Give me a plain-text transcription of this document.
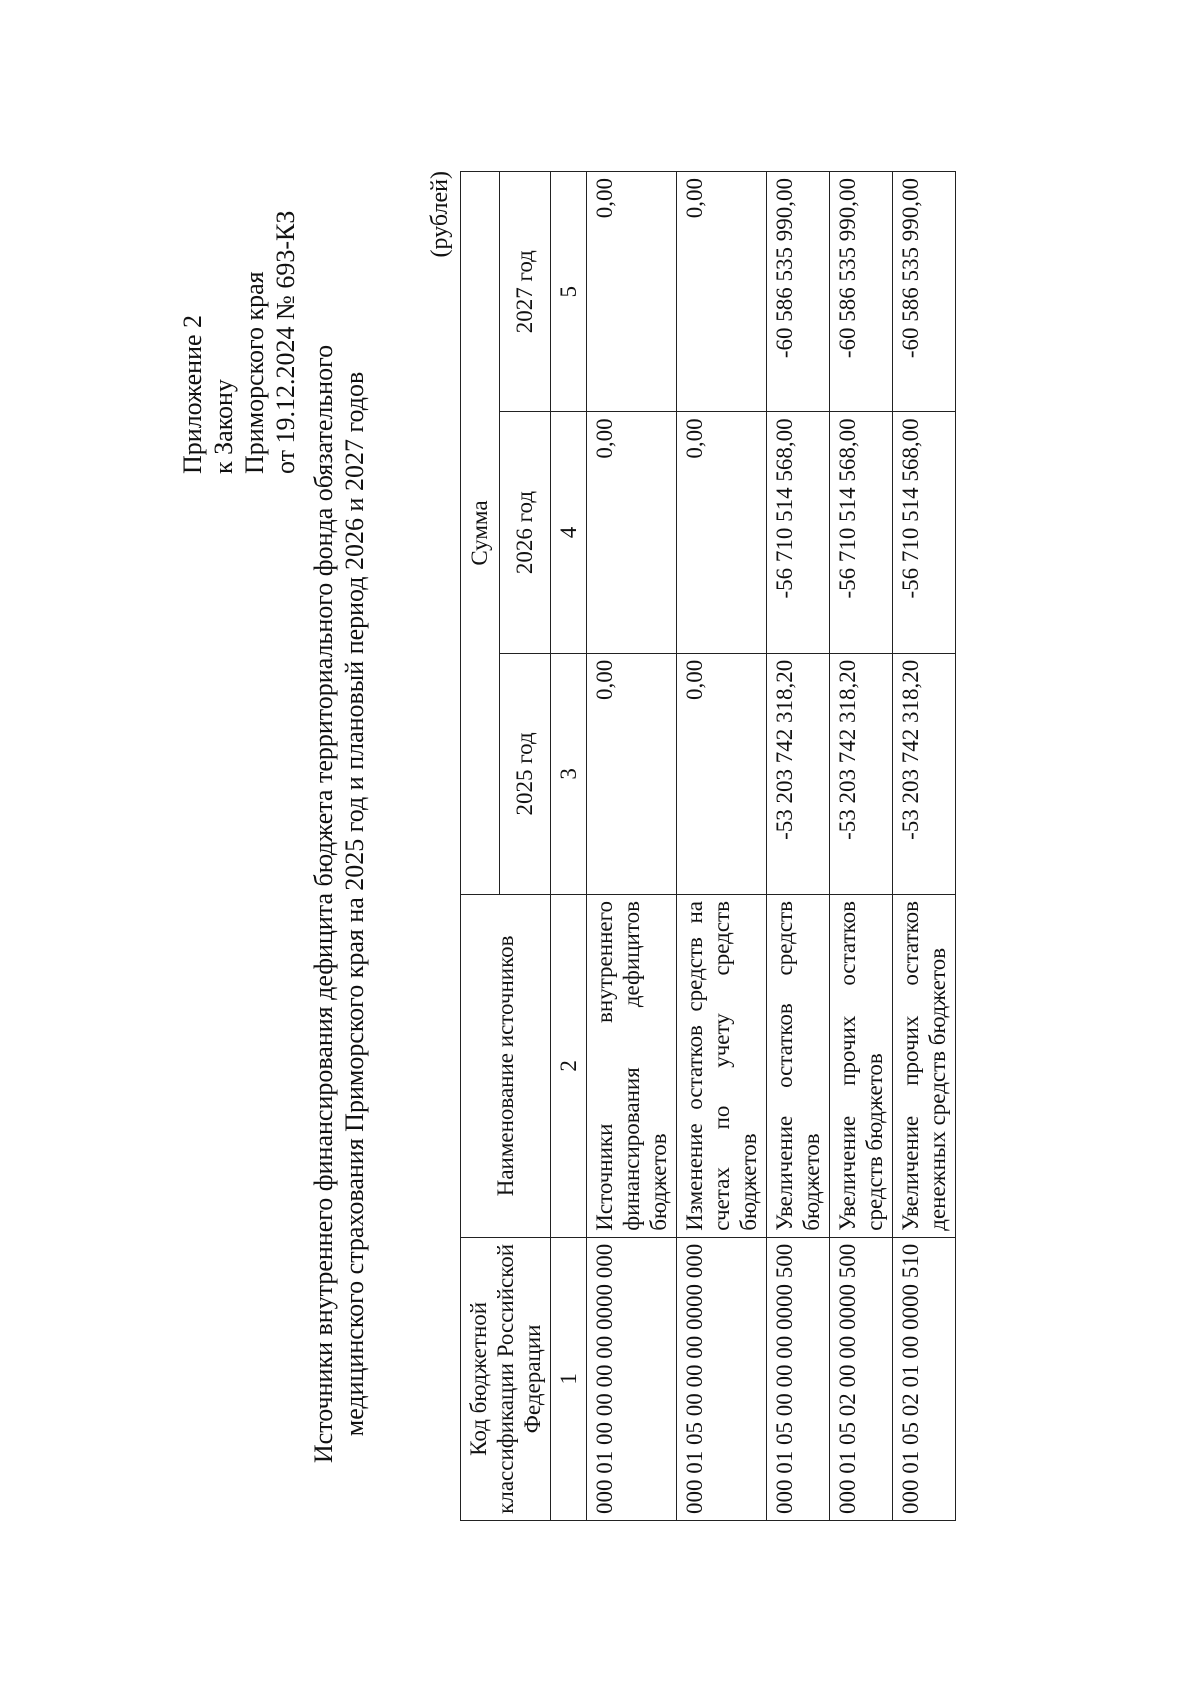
Приложение 2 к Закону Приморского края от 19.12.2024 № 693-КЗ
Источники внутреннего финансирования дефицита бюджета территориального фонда обязательного медицинского страхования Приморского края на 2025 год и плановый период 2026 и 2027 годов
(рублей)
Код бюджетной классификации Российской Федерации	Наименование источников	Сумма		
		2025 год	2026 год	2027 год
1	2	3	4	5
000 01 00 00 00 00 0000 000	Источники внутреннего финансирования дефицитов бюджетов	0,00	0,00	0,00
000 01 05 00 00 00 0000 000	Изменение остатков средств на счетах по учету средств бюджетов	0,00	0,00	0,00
000 01 05 00 00 00 0000 500	Увеличение остатков средств бюджетов	-53 203 742 318,20	-56 710 514 568,00	-60 586 535 990,00
000 01 05 02 00 00 0000 500	Увеличение прочих остатков средств бюджетов	-53 203 742 318,20	-56 710 514 568,00	-60 586 535 990,00
000 01 05 02 01 00 0000 510	Увеличение прочих остатков денежных средств бюджетов	-53 203 742 318,20	-56 710 514 568,00	-60 586 535 990,00
